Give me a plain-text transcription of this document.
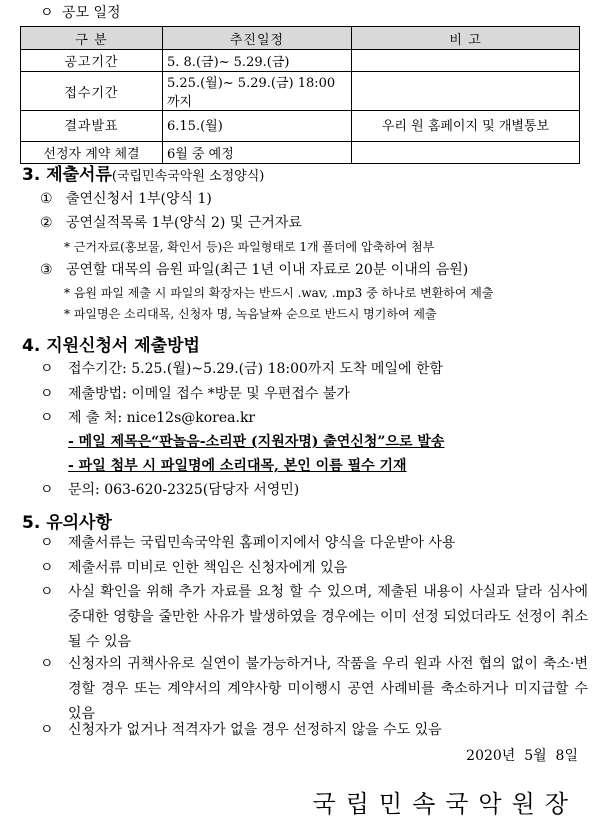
ㅇ 공모 일정
구 분	추진일정	비 고
공고기간	5. 8.(금)~ 5.29.(금)	
접수기간	5.25.(월)~ 5.29.(금) 18:00까지	
결과발표	6.15.(월)	우리 원 홈페이지 및 개별통보
선정자 계약 체결	6월 중 예정	
3. 제출서류(국립민속국악원 소정양식)
① 출연신청서 1부(양식 1)
② 공연실적목록 1부(양식 2) 및 근거자료
* 근거자료(홍보물, 확인서 등)은 파일형태로 1개 폴더에 압축하여 첨부
③ 공연할 대목의 음원 파일(최근 1년 이내 자료로 20분 이내의 음원)
* 음원 파일 제출 시 파일의 확장자는 반드시 .wav, .mp3 중 하나로 변환하여 제출
* 파일명은 소리대목, 신청자 명, 녹음날짜 순으로 반드시 명기하여 제출
4. 지원신청서 제출방법
ㅇ 접수기간: 5.25.(월)~5.29.(금) 18:00까지 도착 메일에 한함
ㅇ 제출방법: 이메일 접수 *방문 및 우편접수 불가
ㅇ 제 출 처: nice12s@korea.kr
- 메일 제목은“판놀음-소리판 (지원자명) 출연신청”으로 발송
- 파일 첨부 시 파일명에 소리대목, 본인 이름 필수 기재
ㅇ 문의: 063-620-2325(담당자 서영민)
5. 유의사항
ㅇ	제출서류는 국립민속국악원 홈페이지에서 양식을 다운받아 사용
ㅇ	제출서류 미비로 인한 책임은 신청자에게 있음
ㅇ	사실 확인을 위해 추가 자료를 요청 할 수 있으며, 제출된 내용이 사실과 달라 심사에 중대한 영향을 줄만한 사유가 발생하였을 경우에는 이미 선정 되었더라도 선정이 취소 될 수 있음
ㅇ	신청자의 귀책사유로 실연이 불가능하거나, 작품을 우리 원과 사전 협의 없이 축소·변경할 경우 또는 계약서의 계약사항 미이행시 공연 사례비를 축소하거나 미지급할 수 있음
ㅇ	신청자가 없거나 적격자가 없을 경우 선정하지 않을 수도 있음
2020년  5월  8일
국립민속국악원장
